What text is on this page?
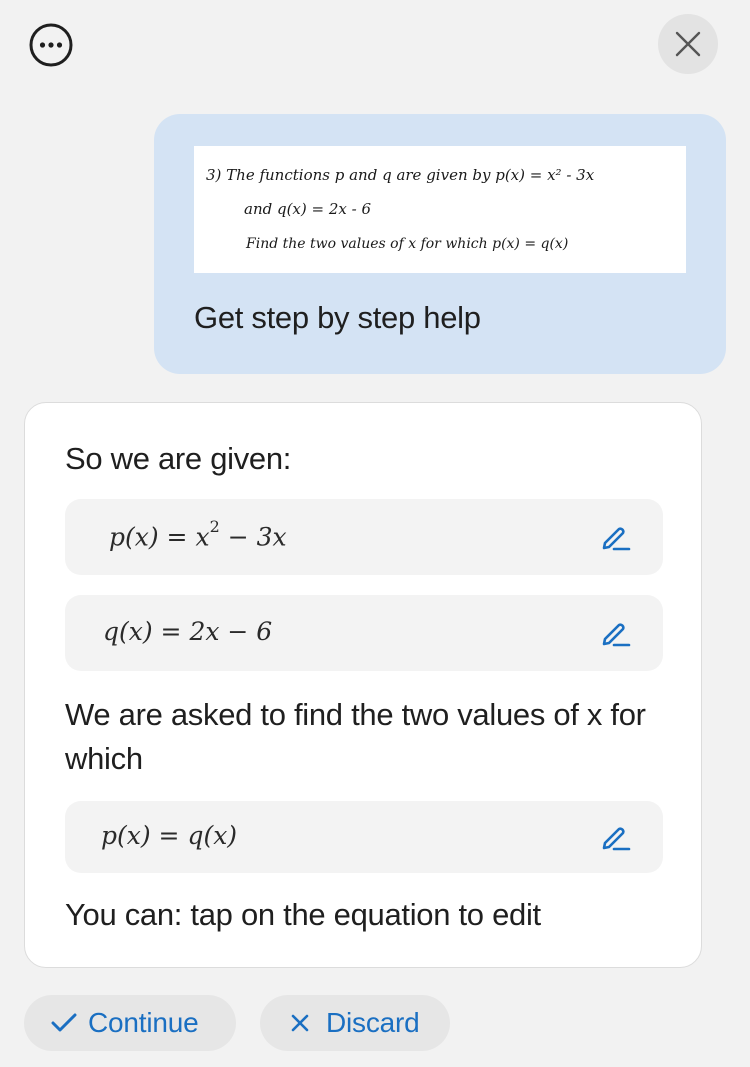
3) The functions p and q are given by p(x) = x² - 3x
and q(x) = 2x - 6
Find the two values of x for which p(x) = q(x)
Get step by step help

So we are given:

$p(x) = x^2 - 3x$
q(x) = 2x − 6

We are asked to find the two values of x for which

p(x) = q(x)

You can: tap on the equation to edit

Continue	Discard
